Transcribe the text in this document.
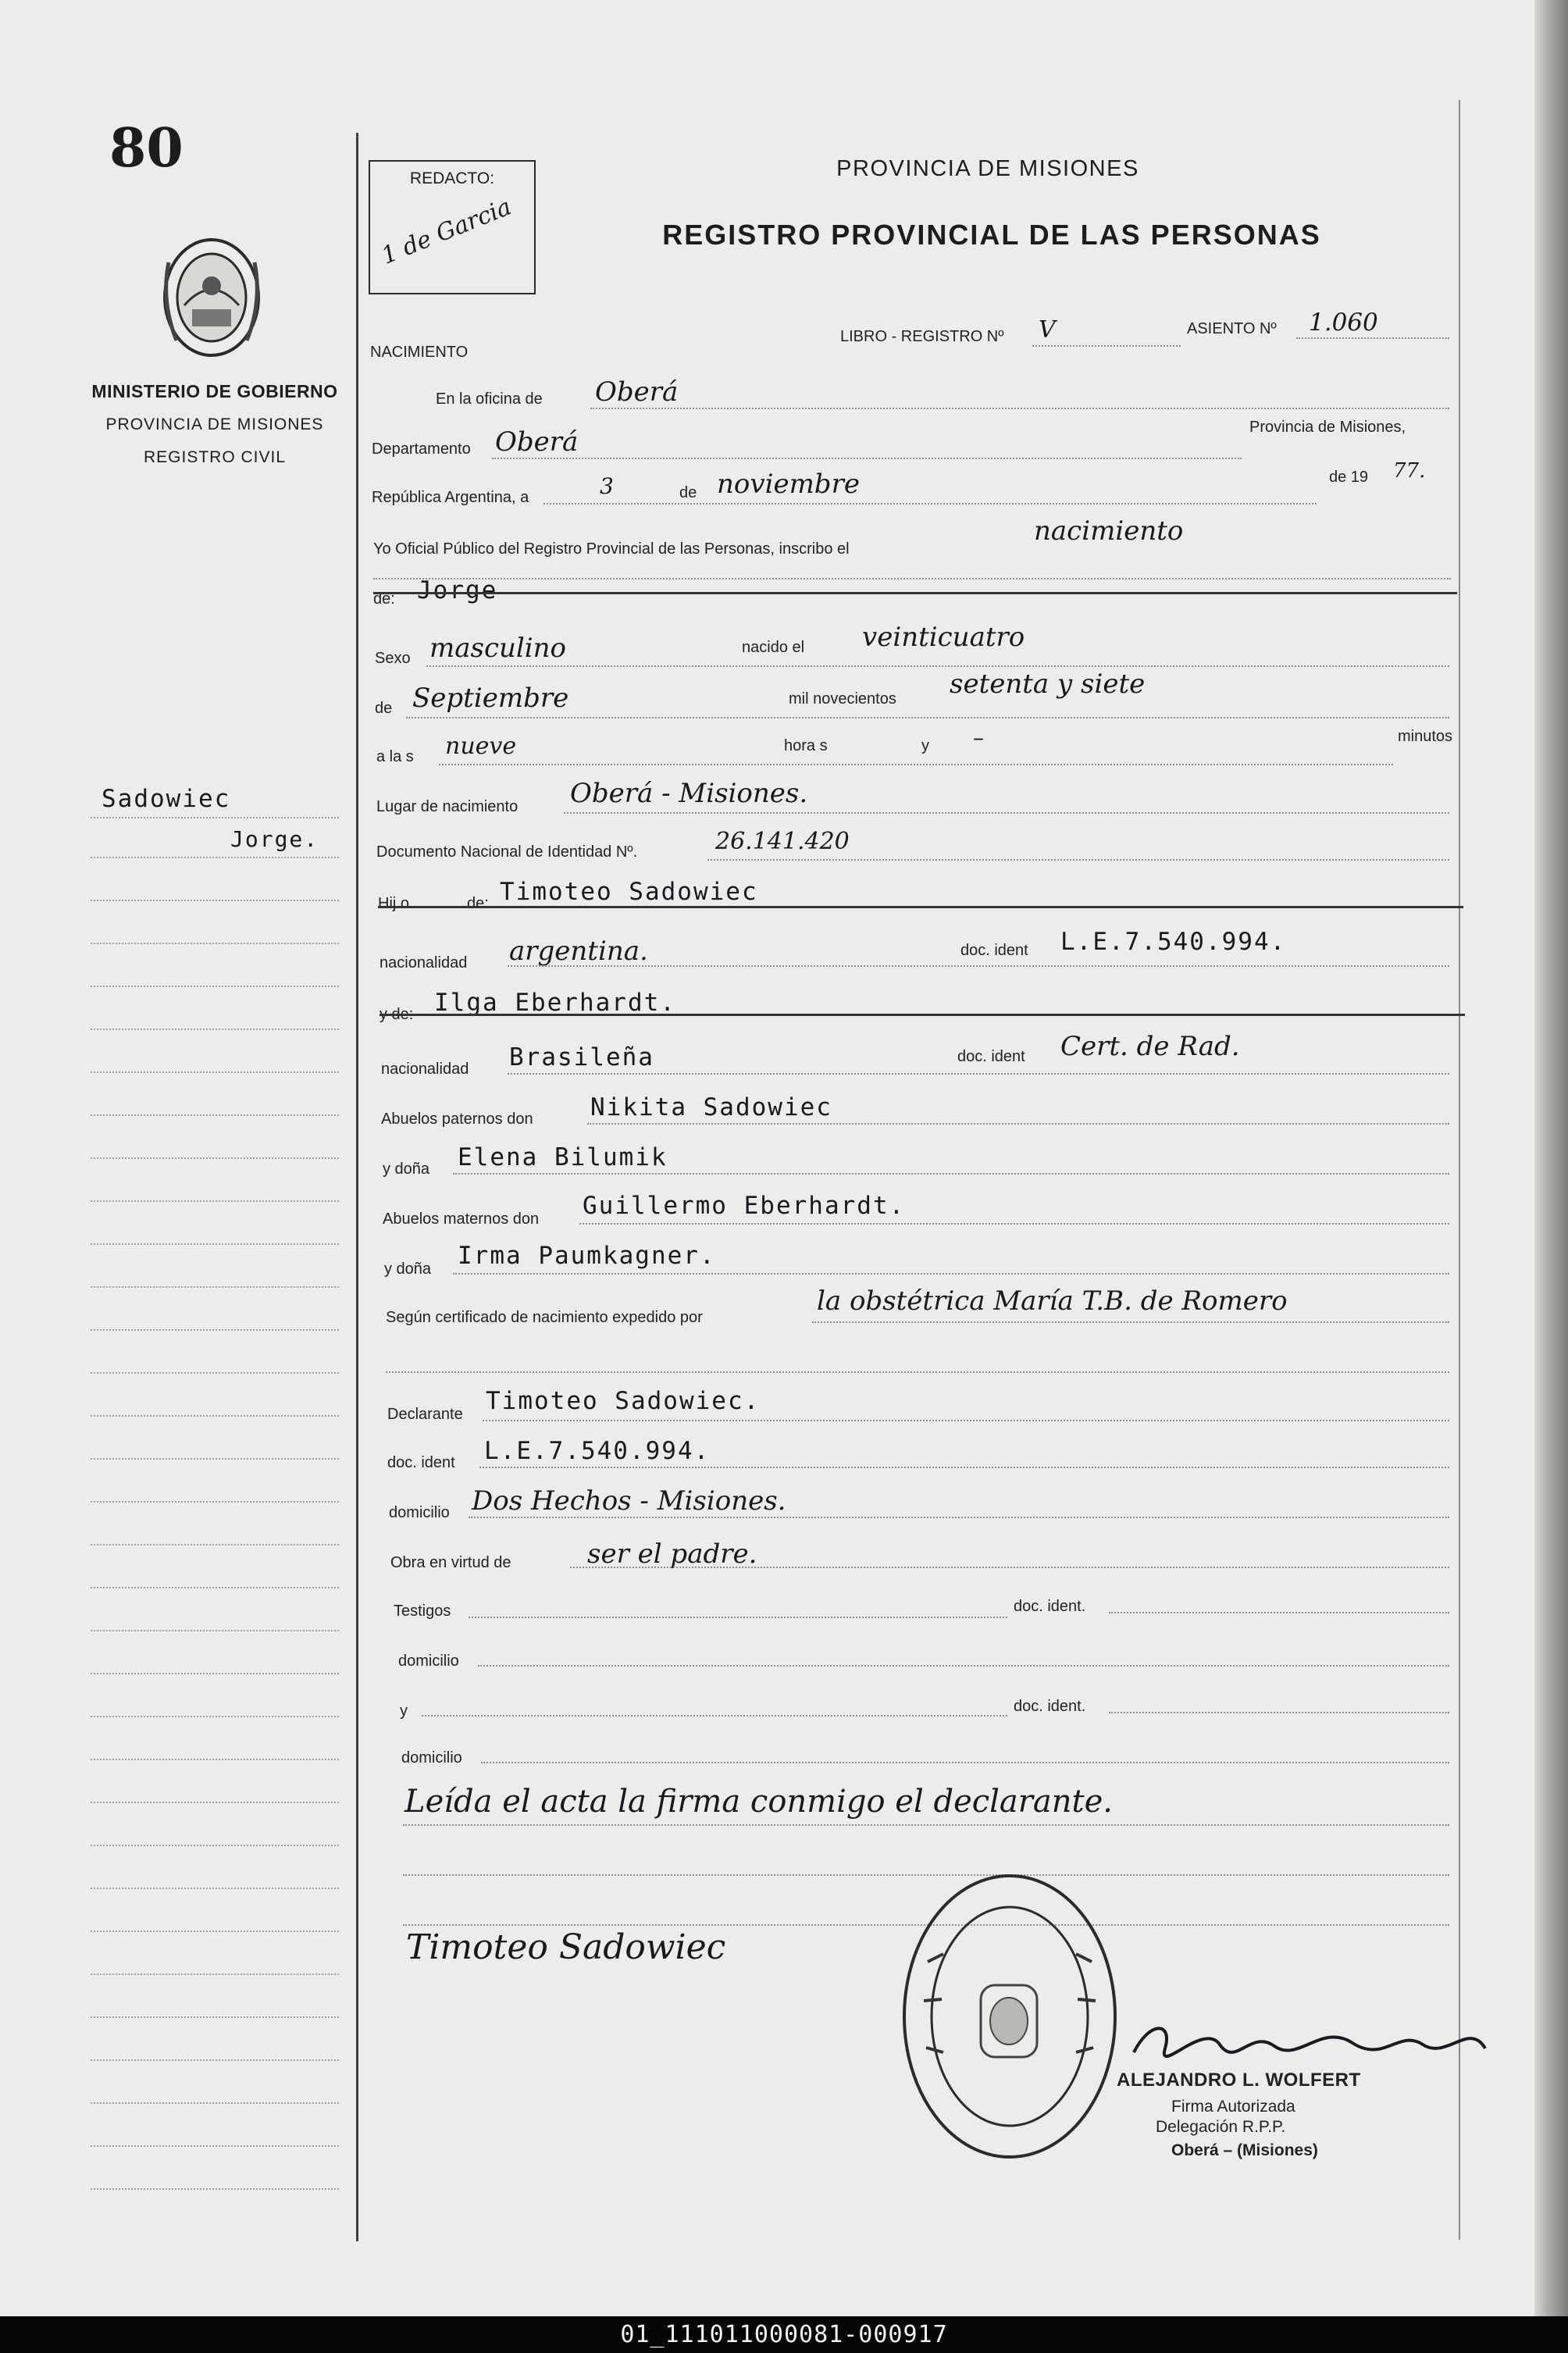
80

MINISTERIO DE GOBIERNO

PROVINCIA DE MISIONES

REGISTRO CIVIL

Sadowiec
Jorge.

REDACTO:

1 de Garcia

PROVINCIA DE MISIONES

REGISTRO PROVINCIAL DE LAS PERSONAS

NACIMIENTO
LIBRO - REGISTRO Nº V	ASIENTO Nº 1.060
En la oficina de Oberá
Departamento Oberá	Provincia de Misiones,
República Argentina, a	3	de noviembre	de 19 77.
Yo Oficial Público del Registro Provincial de las Personas, inscribo el
nacimiento
de: Jorge
Sexo masculino	nacido el veinticuatro
de Septiembre	mil novecientos setenta y siete
a la s nueve	hora s	y –	minutos
Lugar de nacimiento Oberá - Misiones.
Documento Nacional de Identidad Nº.	26.141.420
Hij o	de: Timoteo Sadowiec
nacionalidad argentina.	doc. ident L.E.7.540.994.
y de: Ilga Eberhardt.
nacionalidad Brasileña	doc. ident Cert. de Rad.
Abuelos paternos don Nikita Sadowiec
y doña Elena Bilumik
Abuelos maternos don Guillermo Eberhardt.
y doña Irma Paumkagner.
Según certificado de nacimiento expedido por
la obstétrica María T.B. de Romero
Declarante Timoteo Sadowiec.
doc. ident L.E.7.540.994.
domicilio Dos Hechos - Misiones.
Obra en virtud de	ser el padre.
Testigos	doc. ident.
domicilio
y	doc. ident.
domicilio
Leída el acta la firma conmigo el declarante.
Timoteo Sadowiec
ALEJANDRO L. WOLFERT
Firma Autorizada
Delegación R.P.P.
Oberá – (Misiones)
01_111011000081-000917
